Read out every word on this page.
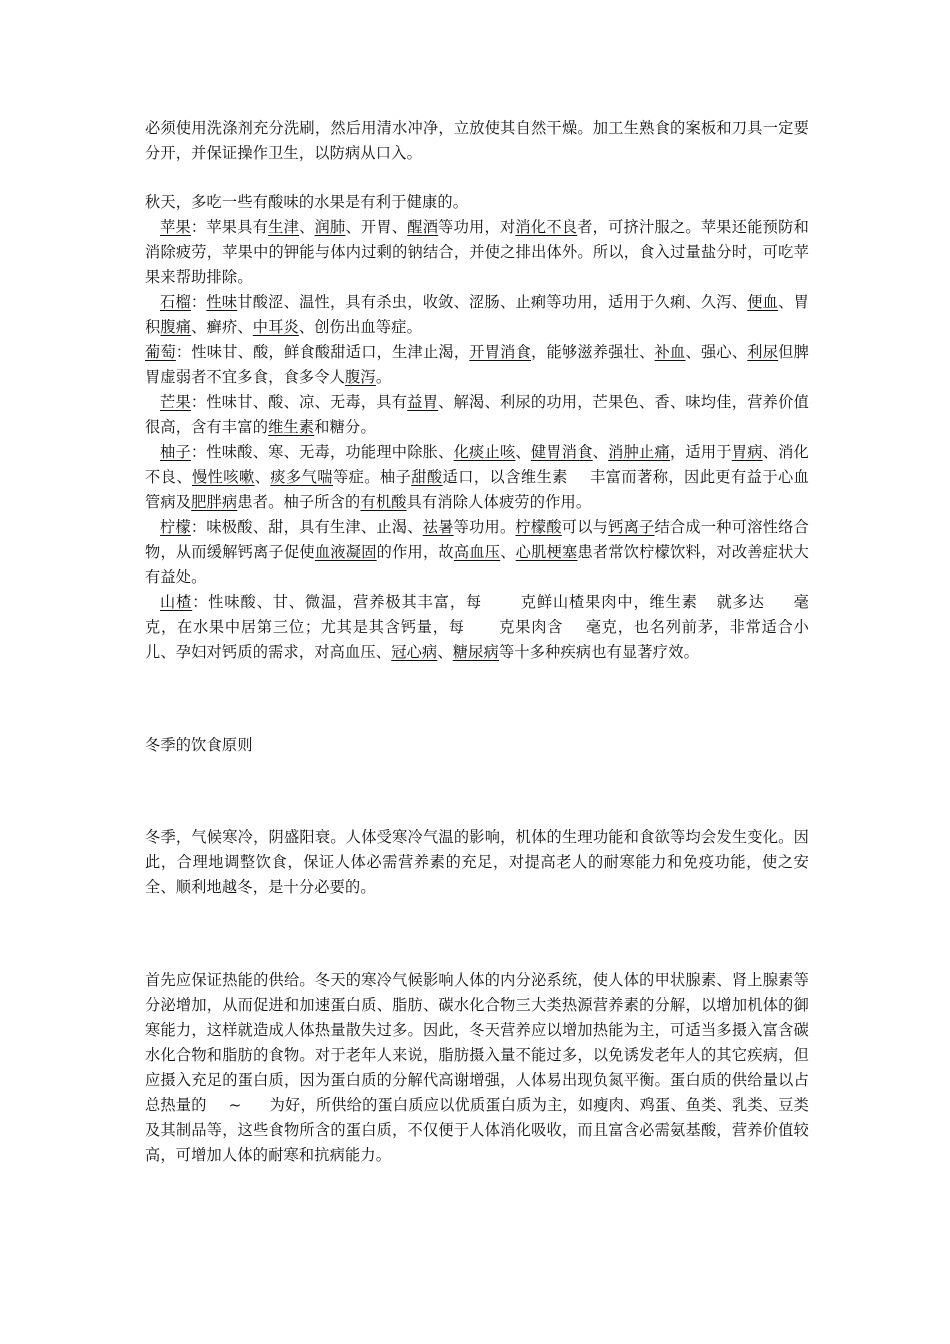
必须使用洗涤剂充分洗刷，然后用清水冲净，立放使其自然干燥。加工生熟食的案板和刀具一定要分开，并保证操作卫生，以防病从口入。

秋天，多吃一些有酸味的水果是有利于健康的。

苹果：苹果具有生津、润肺、开胃、醒酒等功用，对消化不良者，可挤汁服之。苹果还能预防和消除疲劳，苹果中的钾能与体内过剩的钠结合，并使之排出体外。所以，食入过量盐分时，可吃苹果来帮助排除。

石榴：性味甘酸涩、温性，具有杀虫，收敛、涩肠、止痢等功用，适用于久痢、久泻、便血、胃积腹痛、癣疥、中耳炎、创伤出血等症。

葡萄：性味甘、酸，鲜食酸甜适口，生津止渴，开胃消食，能够滋养强壮、补血、强心、利尿但脾胃虚弱者不宜多食，食多令人腹泻。

芒果：性味甘、酸、凉、无毒，具有益胃、解渴、利尿的功用，芒果色、香、味均佳，营养价值很高，含有丰富的维生素和糖分。

柚子：性味酸、寒、无毒，功能理中除胀、化痰止咳、健胃消食、消肿止痛，适用于胃病、消化不良、慢性咳嗽、痰多气喘等症。柚子甜酸适口，以含维生素 丰富而著称，因此更有益于心血管病及肥胖病患者。柚子所含的有机酸具有消除人体疲劳的作用。

柠檬：味极酸、甜，具有生津、止渴、祛暑等功用。柠檬酸可以与钙离子结合成一种可溶性络合物，从而缓解钙离子促使血液凝固的作用，故高血压、心肌梗塞患者常饮柠檬饮料，对改善症状大有益处。

山楂：性味酸、甘、微温，营养极其丰富，每	克鲜山楂果肉中，维生素 就多达 毫克，在水果中居第三位；尤其是其含钙量，每 克果肉含 毫克，也名列前茅，非常适合小儿、孕妇对钙质的需求，对高血压、冠心病、糖尿病等十多种疾病也有显著疗效。

冬季的饮食原则

冬季，气候寒冷，阴盛阳衰。人体受寒冷气温的影响，机体的生理功能和食欲等均会发生变化。因此，合理地调整饮食，保证人体必需营养素的充足，对提高老人的耐寒能力和免疫功能，使之安全、顺利地越冬，是十分必要的。

首先应保证热能的供给。冬天的寒冷气候影响人体的内分泌系统，使人体的甲状腺素、肾上腺素等分泌增加，从而促进和加速蛋白质、脂肪、碳水化合物三大类热源营养素的分解，以增加机体的御寒能力，这样就造成人体热量散失过多。因此，冬天营养应以增加热能为主，可适当多摄入富含碳水化合物和脂肪的食物。对于老年人来说，脂肪摄入量不能过多，以免诱发老年人的其它疾病，但应摄入充足的蛋白质，因为蛋白质的分解代高谢增强，人体易出现负氮平衡。蛋白质的供给量以占总热量的 ~ 为好，所供给的蛋白质应以优质蛋白质为主，如瘦肉、鸡蛋、鱼类、乳类、豆类及其制品等，这些食物所含的蛋白质，不仅便于人体消化吸收，而且富含必需氨基酸，营养价值较高，可增加人体的耐寒和抗病能力。
